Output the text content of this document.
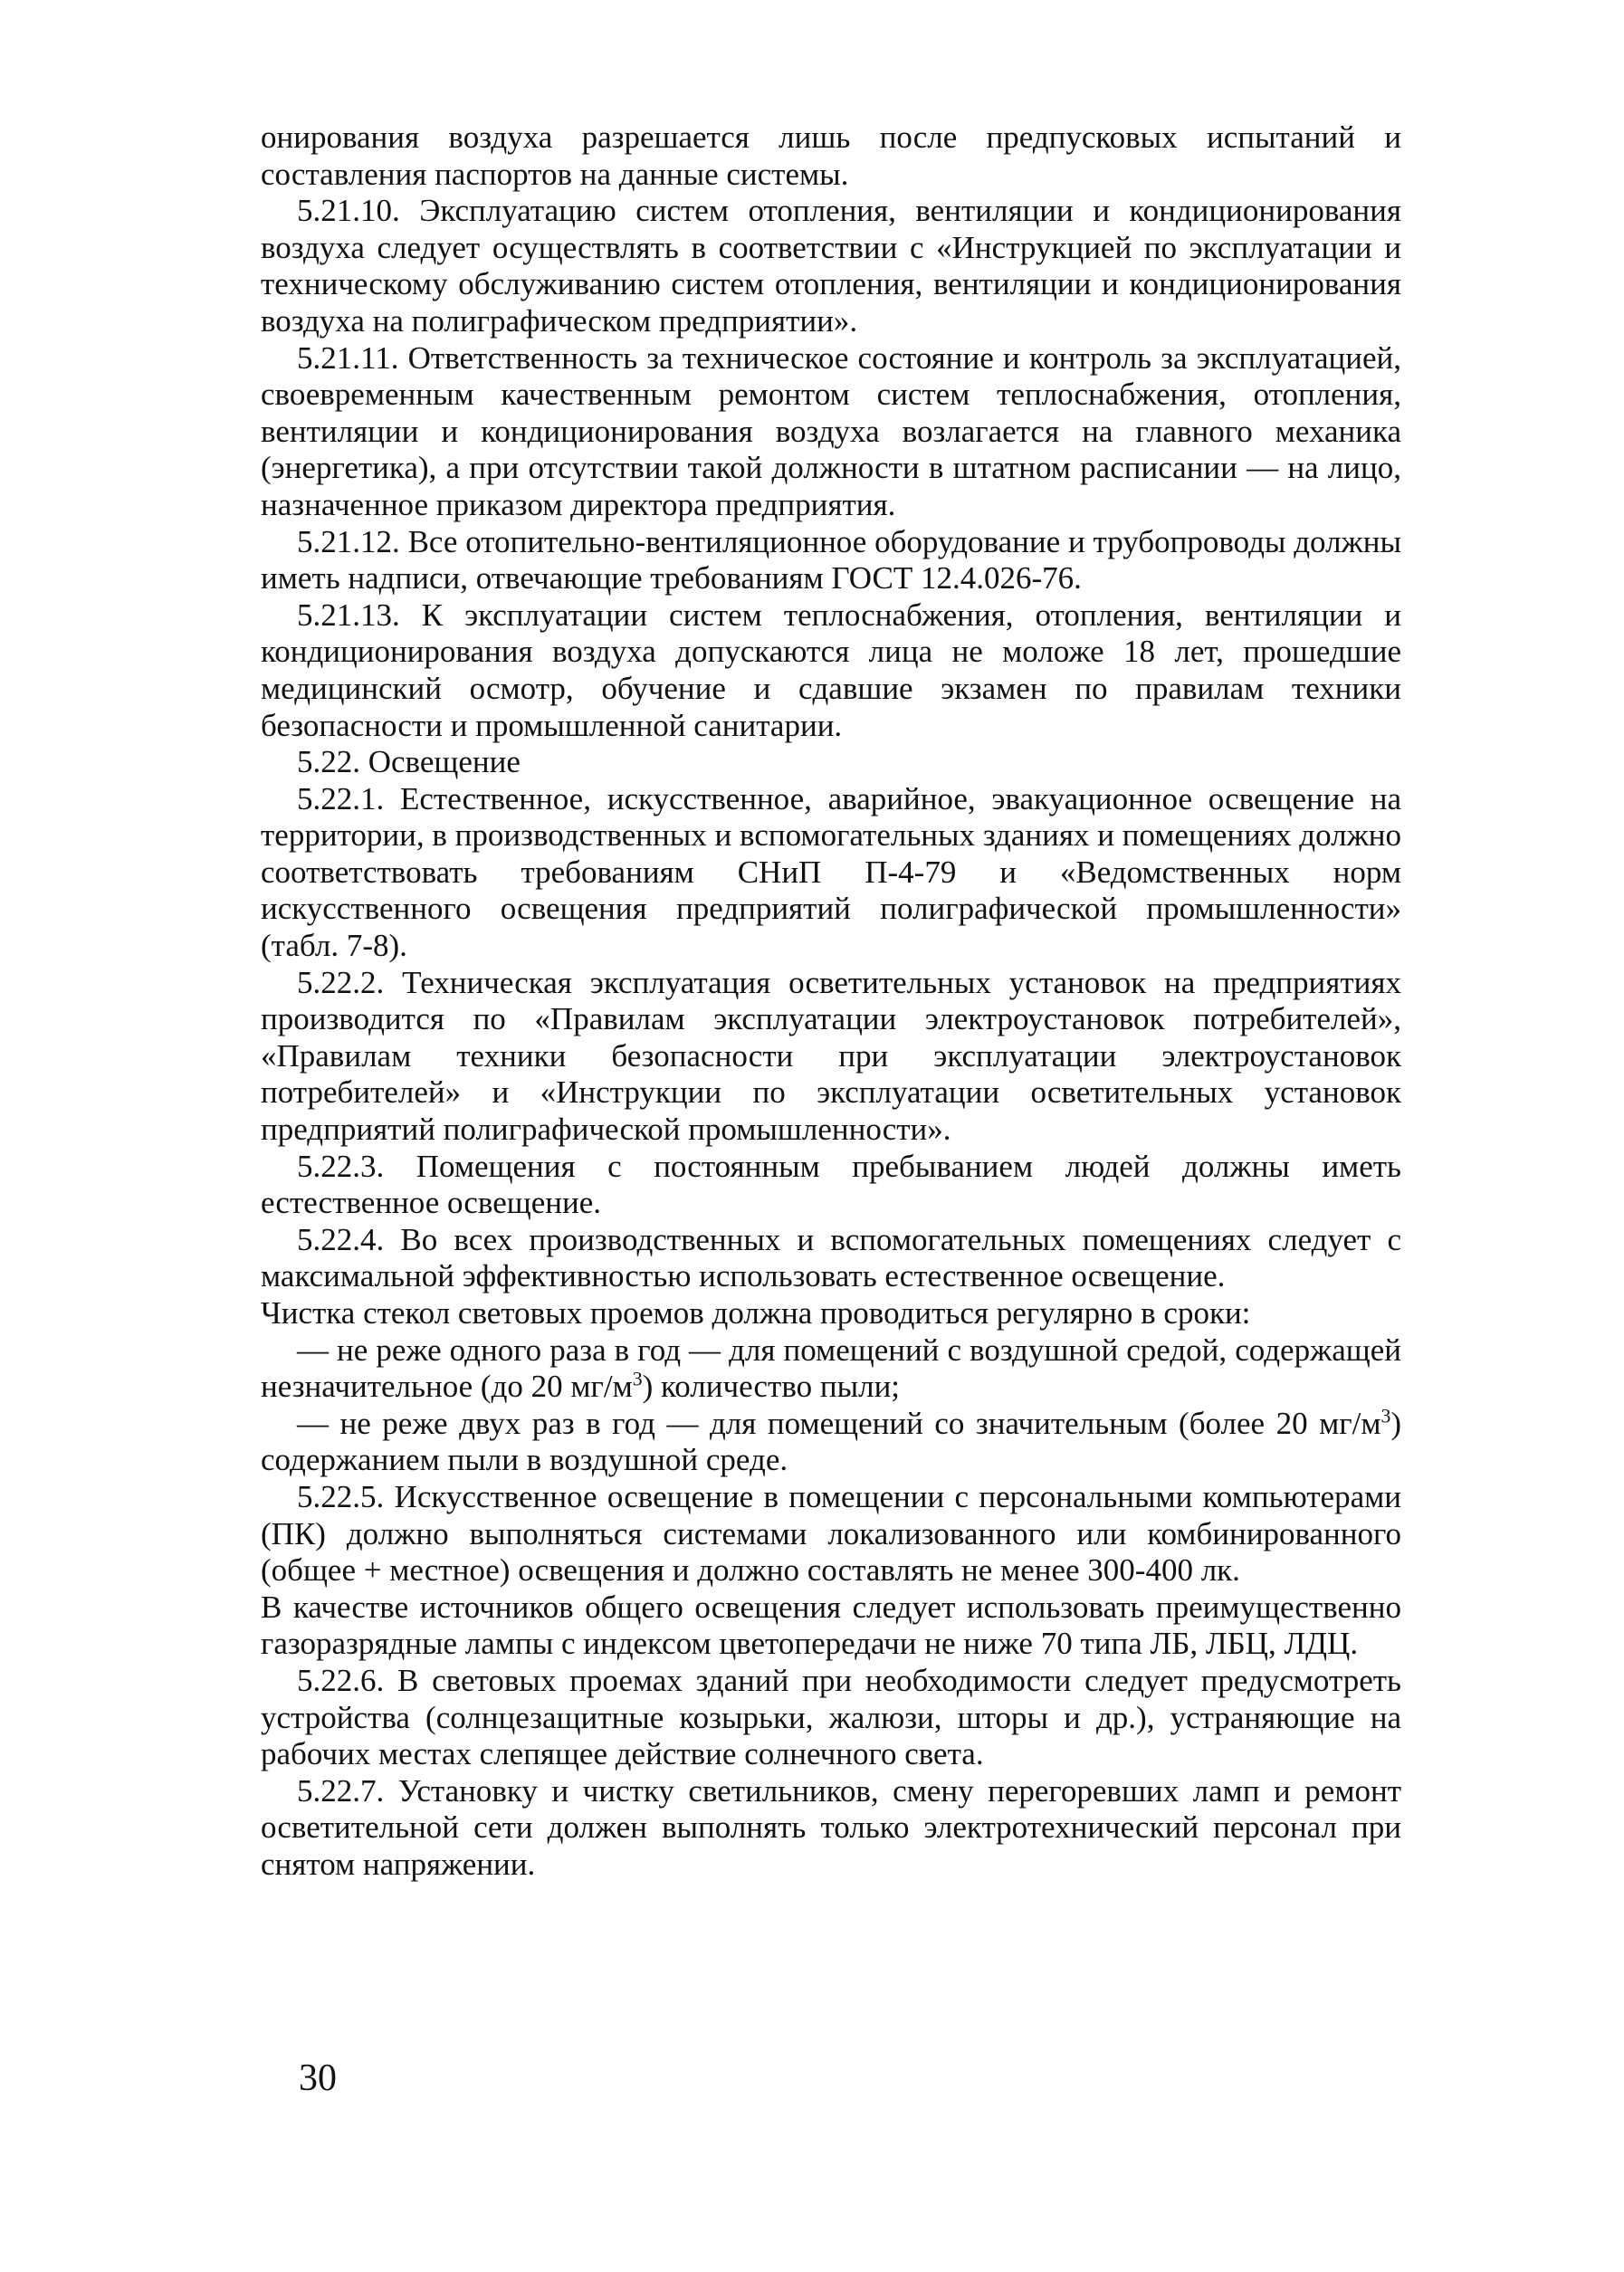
онирования воздуха разрешается лишь после предпусковых испытаний и составления паспортов на данные системы.

5.21.10. Эксплуатацию систем отопления, вентиляции и кондиционирования воздуха следует осуществлять в соответствии с «Инструкцией по эксплуатации и техническому обслуживанию систем отопления, вентиляции и кондиционирования воздуха на полиграфическом предприятии».

5.21.11. Ответственность за техническое состояние и контроль за эксплуатацией, своевременным качественным ремонтом систем теплоснабжения, отопления, вентиляции и кондиционирования воздуха возлагается на главного механика (энергетика), а при отсутствии такой должности в штатном расписании — на лицо, назначенное приказом директора предприятия.

5.21.12. Все отопительно-вентиляционное оборудование и трубопроводы должны иметь надписи, отвечающие требованиям ГОСТ 12.4.026-76.

5.21.13. К эксплуатации систем теплоснабжения, отопления, вентиляции и кондиционирования воздуха допускаются лица не моложе 18 лет, прошедшие медицинский осмотр, обучение и сдавшие экзамен по правилам техники безопасности и промышленной санитарии.

5.22. Освещение

5.22.1. Естественное, искусственное, аварийное, эвакуационное освещение на территории, в производственных и вспомогательных зданиях и помещениях должно соответствовать требованиям СНиП П-4-79 и «Ведомственных норм искусственного освещения предприятий полиграфической промышленности» (табл. 7-8).

5.22.2. Техническая эксплуатация осветительных установок на предприятиях производится по «Правилам эксплуатации электроустановок потребителей», «Правилам техники безопасности при эксплуатации электроустановок потребителей» и «Инструкции по эксплуатации осветительных установок предприятий полиграфической промышленности».

5.22.3. Помещения с постоянным пребыванием людей должны иметь естественное освещение.

5.22.4. Во всех производственных и вспомогательных помещениях следует с максимальной эффективностью использовать естественное освещение.

Чистка стекол световых проемов должна проводиться регулярно в сроки:

— не реже одного раза в год — для помещений с воздушной средой, содержащей незначительное (до 20 $мг/м^3$) количество пыли;

— не реже двух раз в год — для помещений со значительным (более 20 $мг/м^3$) содержанием пыли в воздушной среде.

5.22.5. Искусственное освещение в помещении с персональными компьютерами (ПК) должно выполняться системами локализованного или комбинированного (общее + местное) освещения и должно составлять не менее 300-400 лк.

В качестве источников общего освещения следует использовать преимущественно газоразрядные лампы с индексом цветопередачи не ниже 70 типа ЛБ, ЛБЦ, ЛДЦ.

5.22.6. В световых проемах зданий при необходимости следует предусмотреть устройства (солнцезащитные козырьки, жалюзи, шторы и др.), устраняющие на рабочих местах слепящее действие солнечного света.

5.22.7. Установку и чистку светильников, смену перегоревших ламп и ремонт осветительной сети должен выполнять только электротехнический персонал при снятом напряжении.

30
